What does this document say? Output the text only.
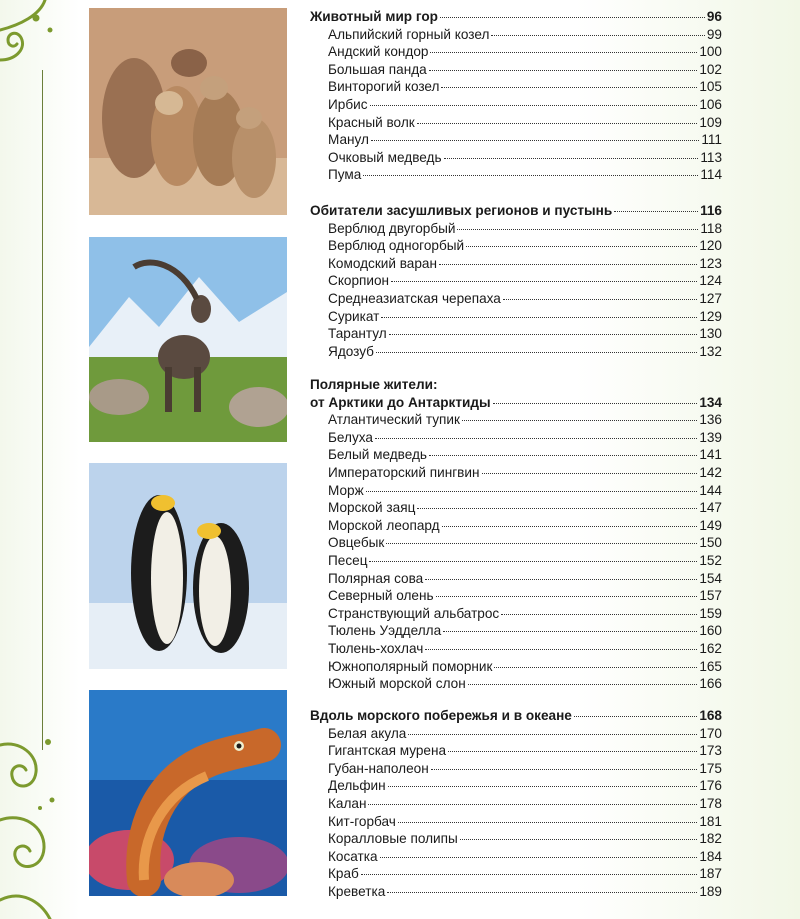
Животный мир гор	96
Альпийский горный козел	99
Андский кондор	100
Большая панда	102
Винторогий козел	105
Ирбис	106
Красный волк	109
Манул	111
Очковый медведь	113
Пума	114
Обитатели засушливых регионов и пустынь	116
Верблюд двугорбый	118
Верблюд одногорбый	120
Комодский варан	123
Скорпион	124
Среднеазиатская черепаха	127
Сурикат	129
Тарантул	130
Ядозуб	132
Полярные жители:
от Арктики до Антарктиды	134
Атлантический тупик	136
Белуха	139
Белый медведь	141
Императорский пингвин	142
Морж	144
Морской заяц	147
Морской леопард	149
Овцебык	150
Песец	152
Полярная сова	154
Северный олень	157
Странствующий альбатрос	159
Тюлень Уэдделла	160
Тюлень-хохлач	162
Южнополярный поморник	165
Южный морской слон	166
Вдоль морского побережья и в океане	168
Белая акула	170
Гигантская мурена	173
Губан-наполеон	175
Дельфин	176
Калан	178
Кит-горбач	181
Коралловые полипы	182
Косатка	184
Краб	187
Креветка	189
